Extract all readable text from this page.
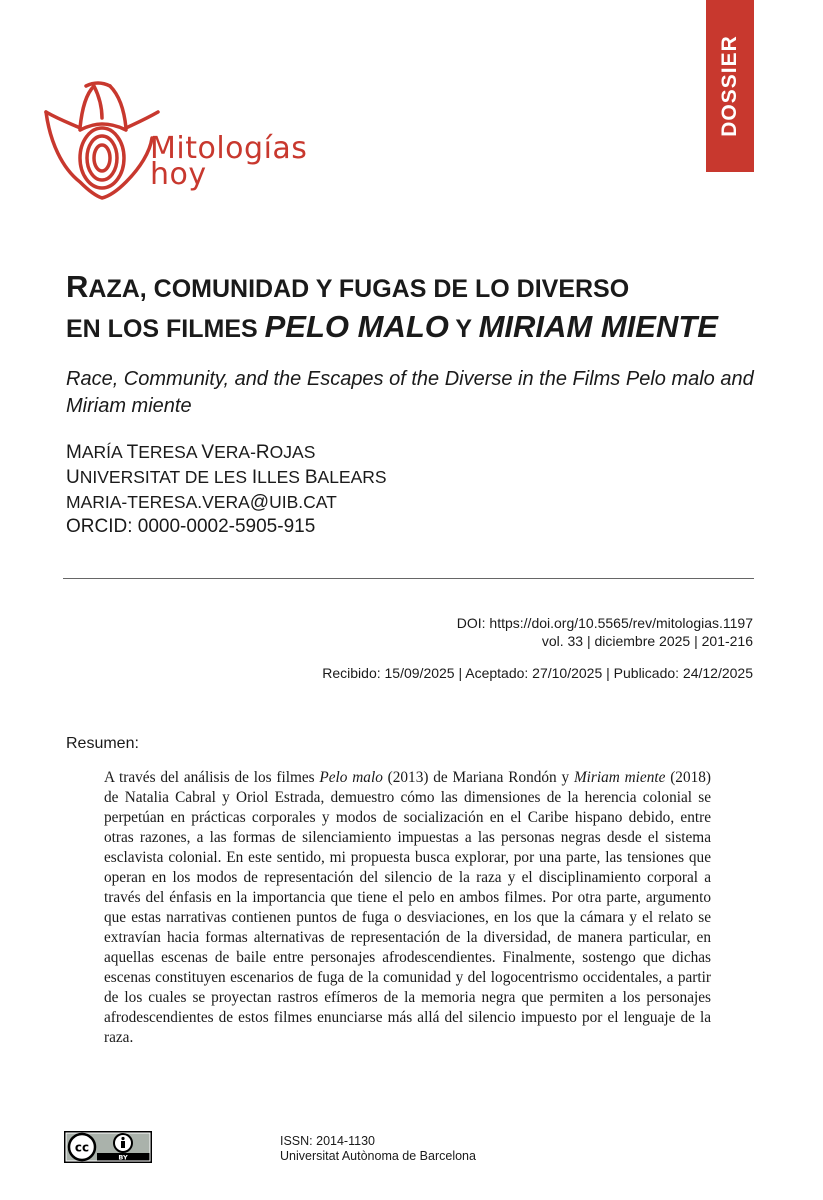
Mitologías
hoy
DOSSIER
RAZA, COMUNIDAD Y FUGAS DE LO DIVERSO
EN LOS FILMES PELO MALO Y MIRIAM MIENTE
Race, Community, and the Escapes of the Diverse in the Films Pelo malo and Miriam miente
MARÍA TERESA VERA-ROJAS
UNIVERSITAT DE LES ILLES BALEARS
MARIA-TERESA.VERA@UIB.CAT
ORCID: 0000-0002-5905-915
DOI: https://doi.org/10.5565/rev/mitologias.1197
vol. 33 | diciembre 2025 | 201-216
Recibido: 15/09/2025 | Aceptado: 27/10/2025 | Publicado: 24/12/2025
Resumen:
A través del análisis de los filmes Pelo malo (2013) de Mariana Rondón y Miriam miente (2018) de Natalia Cabral y Oriol Estrada, demuestro cómo las dimensiones de la herencia colonial se perpetúan en prácticas corporales y modos de socialización en el Caribe hispano debido, entre otras razones, a las formas de silenciamiento impuestas a las personas negras desde el sistema esclavista colonial. En este sentido, mi propuesta busca explorar, por una parte, las tensiones que operan en los modos de representación del silencio de la raza y el disciplinamiento corporal a través del énfasis en la importancia que tiene el pelo en ambos filmes. Por otra parte, argumento que estas narrativas contienen puntos de fuga o desviaciones, en los que la cámara y el relato se extravían hacia formas alternativas de representación de la diversidad, de manera particular, en aquellas escenas de baile entre personajes afrodescendientes. Finalmente, sostengo que dichas escenas constituyen escenarios de fuga de la comunidad y del logocentrismo occidentales, a partir de los cuales se proyectan rastros efímeros de la memoria negra que permiten a los personajes afrodescendientes de estos filmes enunciarse más allá del silencio impuesto por el lenguaje de la raza.
cc
BY
ISSN: 2014-1130
Universitat Autònoma de Barcelona
